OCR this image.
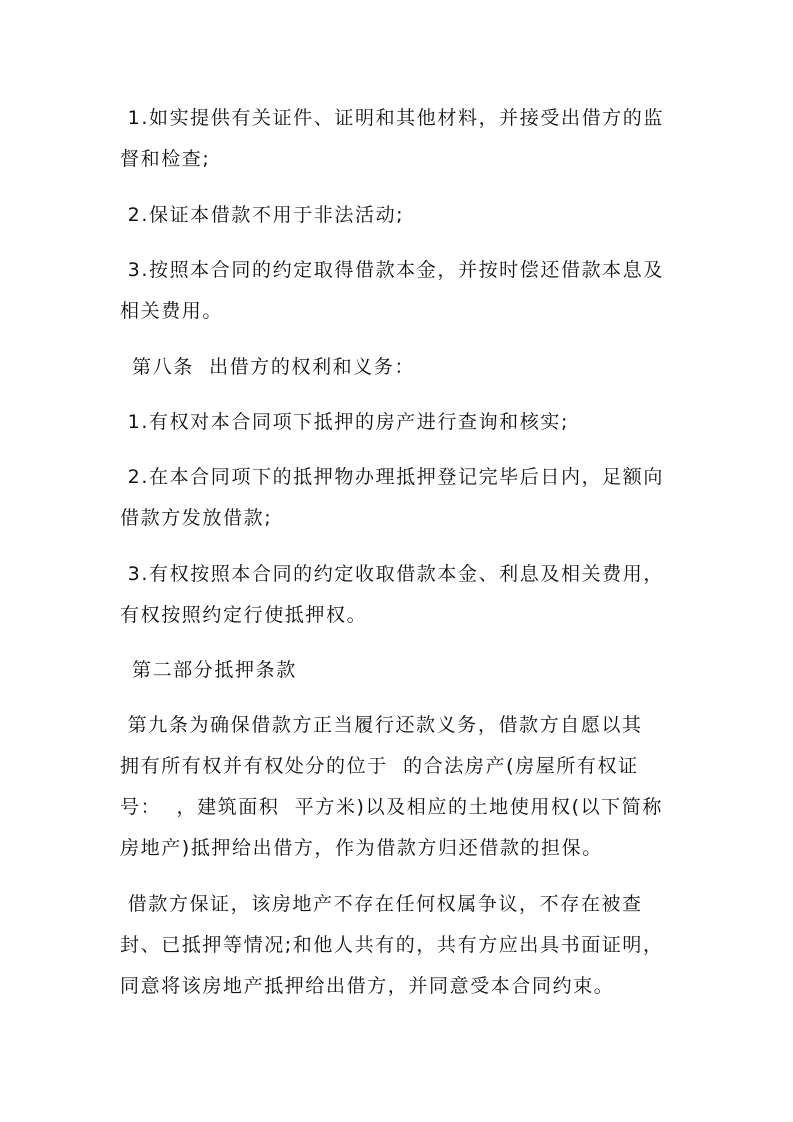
1.如实提供有关证件、证明和其他材料，并接受出借方的监
督和检查;
2.保证本借款不用于非法活动;
3.按照本合同的约定取得借款本金，并按时偿还借款本息及
相关费用。
第八条  出借方的权利和义务：
1.有权对本合同项下抵押的房产进行查询和核实;
2.在本合同项下的抵押物办理抵押登记完毕后日内，足额向
借款方发放借款;
3.有权按照本合同的约定收取借款本金、利息及相关费用，
有权按照约定行使抵押权。
第二部分抵押条款
第九条为确保借款方正当履行还款义务，借款方自愿以其
拥有所有权并有权处分的位于  的合法房产(房屋所有权证
号：  ，建筑面积  平方米)以及相应的土地使用权(以下简称
房地产)抵押给出借方，作为借款方归还借款的担保。
借款方保证，该房地产不存在任何权属争议，不存在被查
封、已抵押等情况;和他人共有的，共有方应出具书面证明，
同意将该房地产抵押给出借方，并同意受本合同约束。
